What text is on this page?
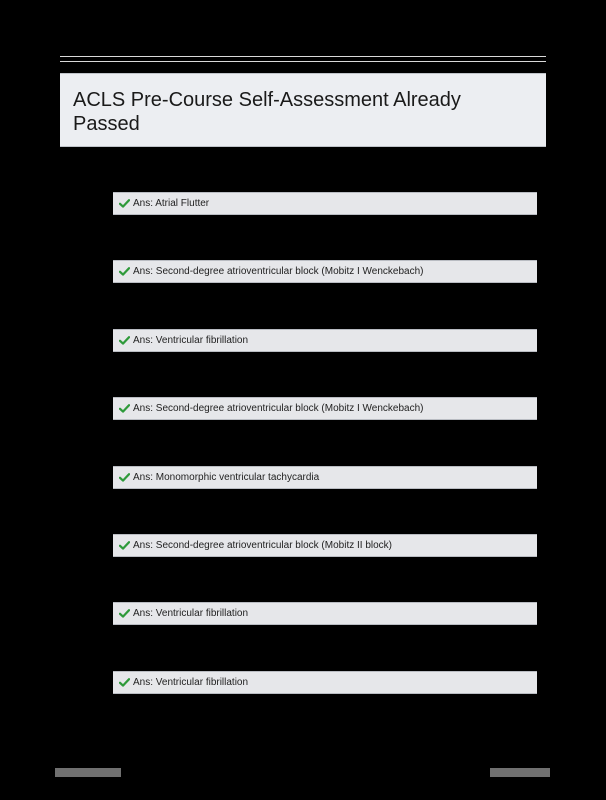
ACLS Pre-Course Self-Assessment Already Passed
Ans: Atrial Flutter
Ans: Second-degree atrioventricular block (Mobitz I Wenckebach)
Ans: Ventricular fibrillation
Ans: Second-degree atrioventricular block (Mobitz I Wenckebach)
Ans: Monomorphic ventricular tachycardia
Ans: Second-degree atrioventricular block (Mobitz II block)
Ans: Ventricular fibrillation
Ans: Ventricular fibrillation
